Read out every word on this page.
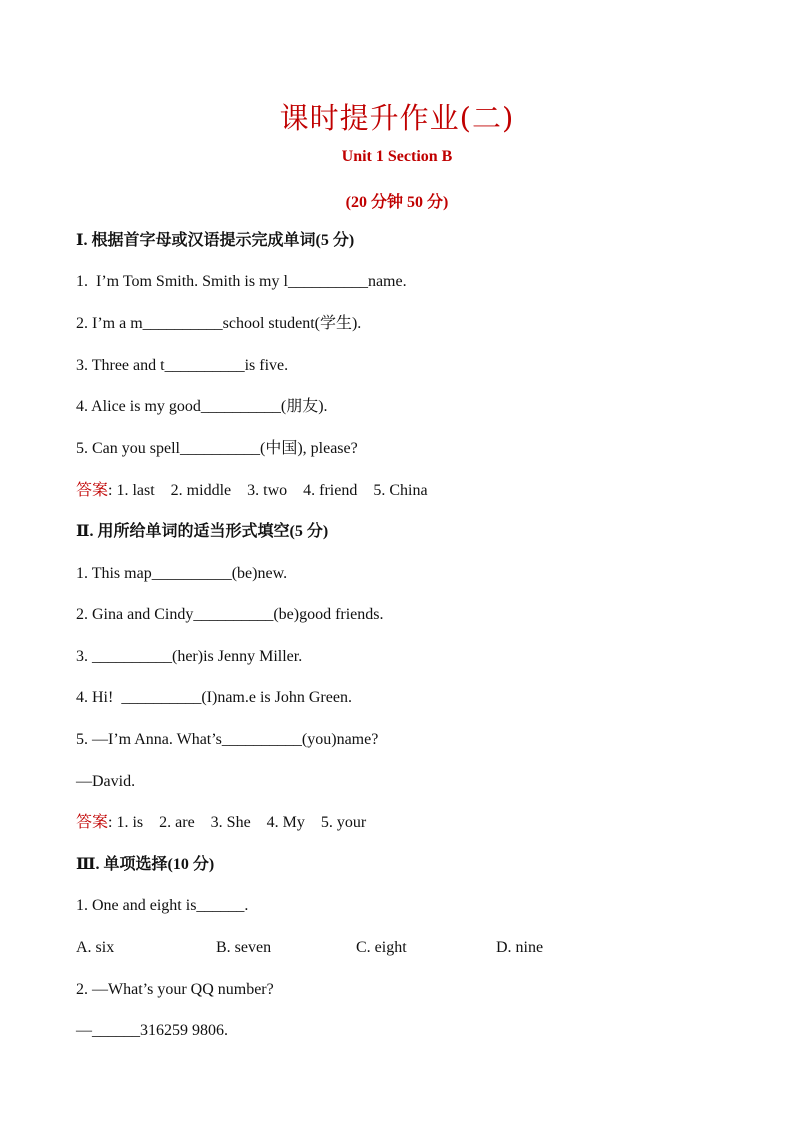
课时提升作业(二)
Unit 1 Section B
(20 分钟 50 分)
Ⅰ. 根据首字母或汉语提示完成单词(5 分)
1.  I’m Tom Smith. Smith is my l__________name.
2. I’m a m__________school student(学生).
3. Three and t__________is five.
4. Alice is my good__________(朋友).
5. Can you spell__________(中国), please?
答案: 1. last    2. middle    3. two    4. friend    5. China
Ⅱ. 用所给单词的适当形式填空(5 分)
1. This map__________(be)new.
2. Gina and Cindy__________(be)good friends.
3. __________(her)is Jenny Miller.
4. Hi!  __________(I)nam.e is John Green.
5. —I’m Anna. What’s__________(you)name?
—David.
答案: 1. is    2. are    3. She    4. My    5. your
Ⅲ. 单项选择(10 分)
1. One and eight is______.
A. six	B. seven	C. eight	D. nine
2. —What’s your QQ number?
—______316259 9806.
